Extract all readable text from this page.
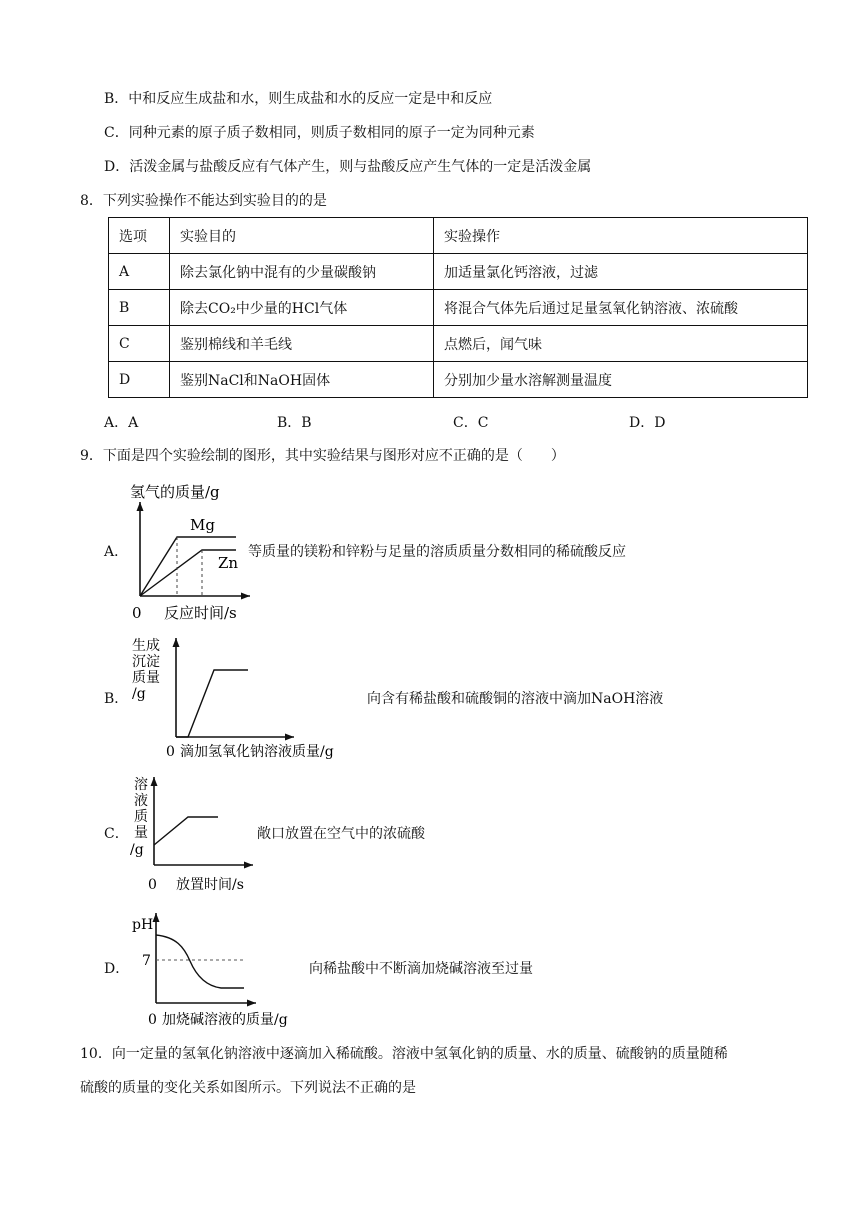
B．中和反应生成盐和水，则生成盐和水的反应一定是中和反应
C．同种元素的原子质子数相同，则质子数相同的原子一定为同种元素
D．活泼金属与盐酸反应有气体产生，则与盐酸反应产生气体的一定是活泼金属
8．下列实验操作不能达到实验目的的是
选项	实验目的	实验操作
A	除去氯化钠中混有的少量碳酸钠	加适量氯化钙溶液，过滤
B	除去CO₂中少量的HCl气体	将混合气体先后通过足量氢氧化钠溶液、浓硫酸
C	鉴别棉线和羊毛线	点燃后，闻气味
D	鉴别NaCl和NaOH固体	分别加少量水溶解测量温度
A．A	B．B	C．C	D．D
9．下面是四个实验绘制的图形，其中实验结果与图形对应不正确的是（　　）
A．
氢气的质量/g
Mg
Zn
0 反应时间/s
等质量的镁粉和锌粉与足量的溶质质量分数相同的稀硫酸反应
B．
生成
沉淀
质量
/g
0 滴加氢氧化钠溶液质量/g
向含有稀盐酸和硫酸铜的溶液中滴加NaOH溶液
C．
溶
液
质
量
/g
0 放置时间/s
敞口放置在空气中的浓硫酸
D．
pH
7
0 加烧碱溶液的质量/g
向稀盐酸中不断滴加烧碱溶液至过量
10．向一定量的氢氧化钠溶液中逐滴加入稀硫酸。溶液中氢氧化钠的质量、水的质量、硫酸钠的质量随稀
硫酸的质量的变化关系如图所示。下列说法不正确的是
